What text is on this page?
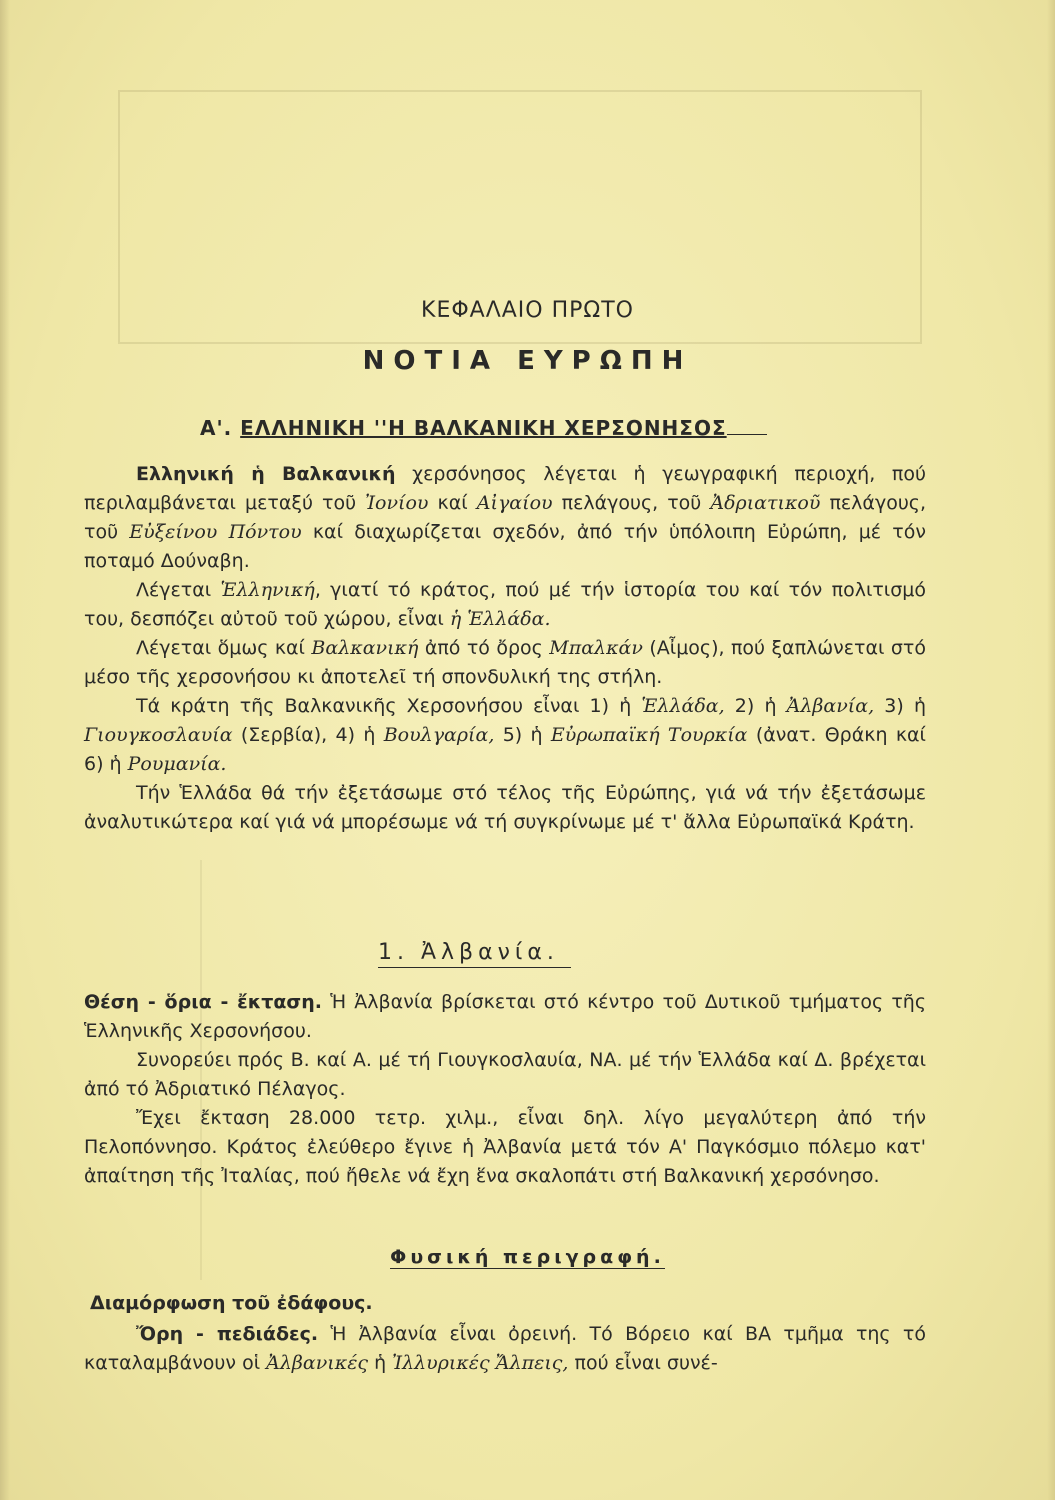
ΚΕΦΑΛΑΙΟ ΠΡΩΤΟ
ΝΟΤΙΑ ΕΥΡΩΠΗ
Α'. ΕΛΛΗΝΙΚΗ ''Η ΒΑΛΚΑΝΙΚΗ ΧΕΡΣΟΝΗΣΟΣ

Ελληνική ἡ Βαλκανική χερσόνησος λέγεται ἡ γεωγραφική περιοχή, πού περιλαμβάνεται μεταξύ τοῦ Ἰονίου καί Αἰγαίου πελάγους, τοῦ Ἀδριατικοῦ πελάγους, τοῦ Εὐξείνου Πόντου καί διαχωρίζεται σχεδόν, ἀπό τήν ὑπόλοιπη Εὐρώπη, μέ τόν ποταμό Δούναβη.

Λέγεται Ἑλληνική, γιατί τό κράτος, πού μέ τήν ἱστορία του καί τόν πολιτισμό του, δεσπόζει αὐτοῦ τοῦ χώρου, εἶναι ἡ Ἑλλάδα.

Λέγεται ὅμως καί Βαλκανική ἀπό τό ὄρος Μπαλκάν (Αἶμος), πού ξαπλώνεται στό μέσο τῆς χερσονήσου κι ἀποτελεῖ τή σπονδυλική της στήλη.

Τά κράτη τῆς Βαλκανικῆς Χερσονήσου εἶναι 1) ἡ Ἑλλάδα, 2) ἡ Ἀλβανία, 3) ἡ Γιουγκοσλαυία (Σερβία), 4) ἡ Βουλγαρία, 5) ἡ Εὐρωπαϊκή Τουρκία (ἀνατ. Θράκη καί 6) ἡ Ρουμανία.

Τήν Ἑλλάδα θά τήν ἐξετάσωμε στό τέλος τῆς Εὐρώπης, γιά νά τήν ἐξετάσωμε ἀναλυτικώτερα καί γιά νά μπορέσωμε νά τή συγκρίνωμε μέ τ' ἄλλα Εὐρωπαϊκά Κράτη.

1. Ἀλβανία.

Θέση - ὅρια - ἔκταση. Ἡ Ἀλβανία βρίσκεται στό κέντρο τοῦ Δυτικοῦ τμήματος τῆς Ἑλληνικῆς Χερσονήσου.

Συνορεύει πρός Β. καί Α. μέ τή Γιουγκοσλαυία, ΝΑ. μέ τήν Ἑλλάδα καί Δ. βρέχεται ἀπό τό Ἀδριατικό Πέλαγος.

Ἔχει ἔκταση 28.000 τετρ. χιλμ., εἶναι δηλ. λίγο μεγαλύτερη ἀπό τήν Πελοπόννησο. Κράτος ἐλεύθερο ἔγινε ἡ Ἀλβανία μετά τόν Α' Παγκόσμιο πόλεμο κατ' ἀπαίτηση τῆς Ἰταλίας, πού ἤθελε νά ἔχη ἕνα σκαλοπάτι στή Βαλκανική χερσόνησο.

Φυσική περιγραφή.
Διαμόρφωση τοῦ ἐδάφους.

Ὄρη - πεδιάδες. Ἡ Ἀλβανία εἶναι ὀρεινή. Τό Βόρειο καί ΒΑ τμῆμα της τό καταλαμβάνουν οἱ Ἀλβανικές ἡ Ἰλλυρικές Ἄλπεις, πού εἶναι συνέ-
